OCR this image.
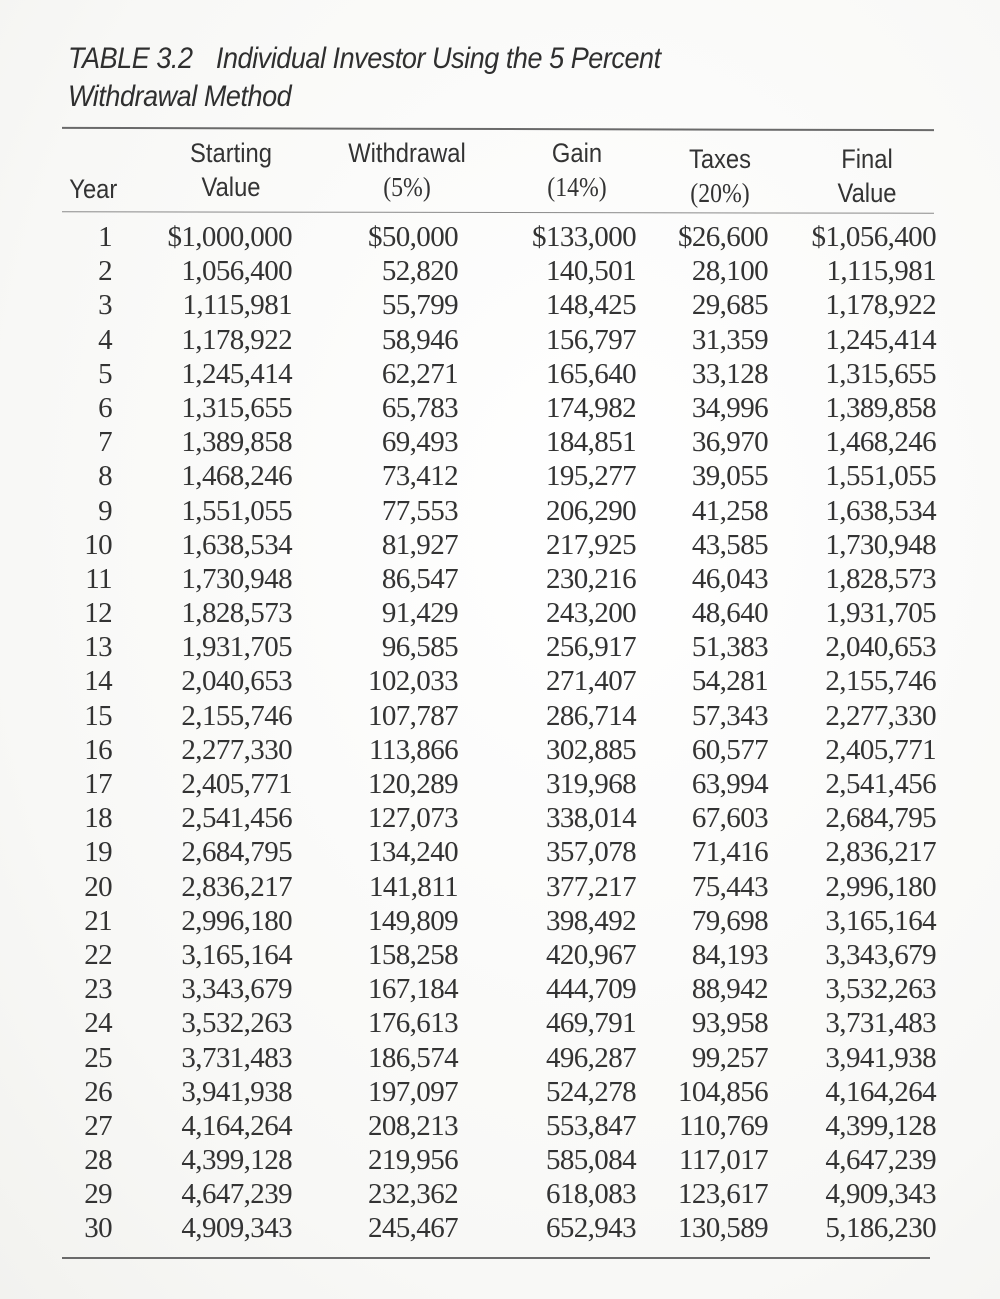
TABLE 3.2 Individual Investor Using the 5 Percent
Withdrawal Method
Year
Starting
Value
Withdrawal
(5%)
Gain
(14%)
Taxes
(20%)
Final
Value
1	$1,000,000	$50,000	$133,000	$26,600	$1,056,400
2	1,056,400	52,820	140,501	28,100	1,115,981
3	1,115,981	55,799	148,425	29,685	1,178,922
4	1,178,922	58,946	156,797	31,359	1,245,414
5	1,245,414	62,271	165,640	33,128	1,315,655
6	1,315,655	65,783	174,982	34,996	1,389,858
7	1,389,858	69,493	184,851	36,970	1,468,246
8	1,468,246	73,412	195,277	39,055	1,551,055
9	1,551,055	77,553	206,290	41,258	1,638,534
10	1,638,534	81,927	217,925	43,585	1,730,948
11	1,730,948	86,547	230,216	46,043	1,828,573
12	1,828,573	91,429	243,200	48,640	1,931,705
13	1,931,705	96,585	256,917	51,383	2,040,653
14	2,040,653	102,033	271,407	54,281	2,155,746
15	2,155,746	107,787	286,714	57,343	2,277,330
16	2,277,330	113,866	302,885	60,577	2,405,771
17	2,405,771	120,289	319,968	63,994	2,541,456
18	2,541,456	127,073	338,014	67,603	2,684,795
19	2,684,795	134,240	357,078	71,416	2,836,217
20	2,836,217	141,811	377,217	75,443	2,996,180
21	2,996,180	149,809	398,492	79,698	3,165,164
22	3,165,164	158,258	420,967	84,193	3,343,679
23	3,343,679	167,184	444,709	88,942	3,532,263
24	3,532,263	176,613	469,791	93,958	3,731,483
25	3,731,483	186,574	496,287	99,257	3,941,938
26	3,941,938	197,097	524,278	104,856	4,164,264
27	4,164,264	208,213	553,847	110,769	4,399,128
28	4,399,128	219,956	585,084	117,017	4,647,239
29	4,647,239	232,362	618,083	123,617	4,909,343
30	4,909,343	245,467	652,943	130,589	5,186,230
